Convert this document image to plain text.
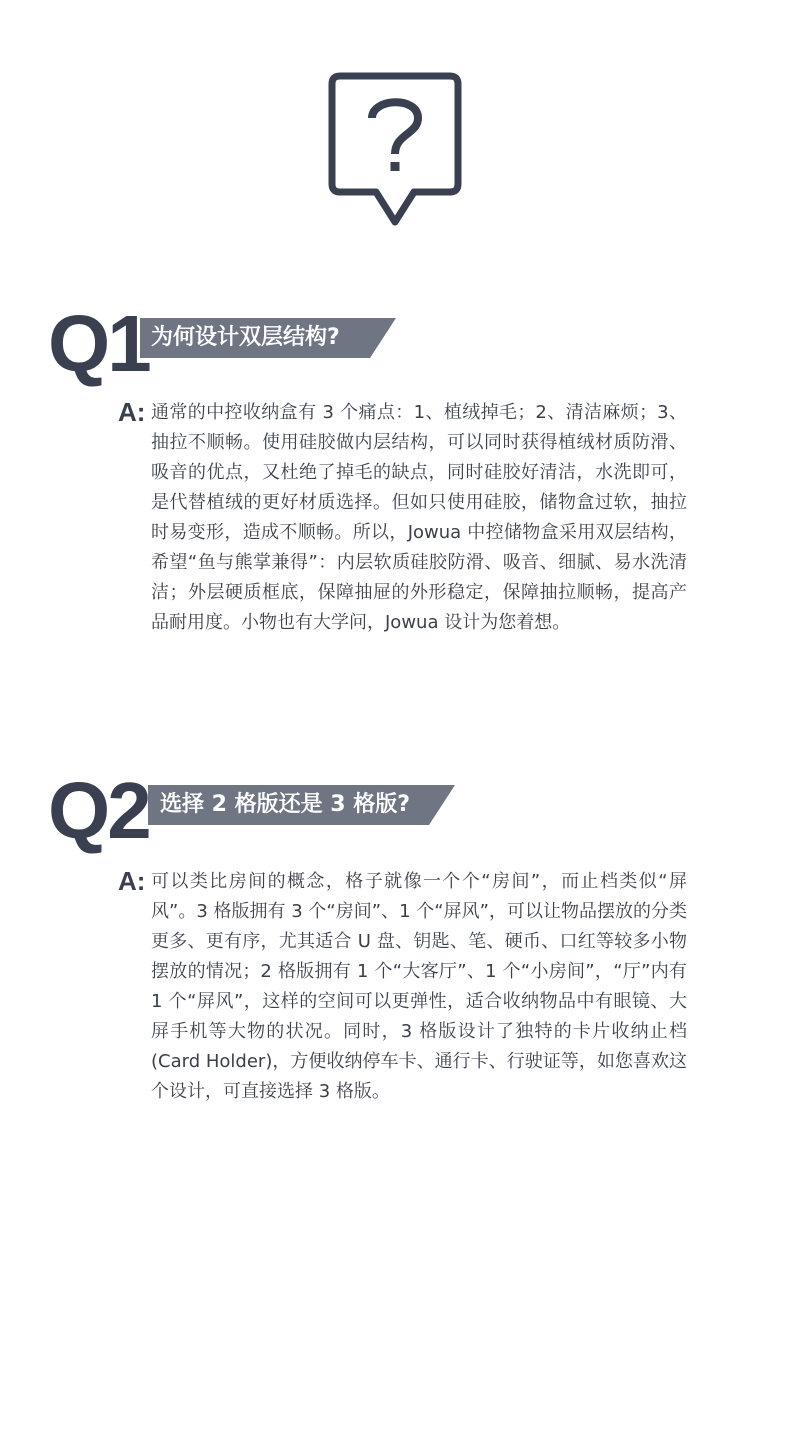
Q1 为何设计双层结构?

A: 通常的中控收纳盒有 3 个痛点：1、植绒掉毛；2、清洁麻烦；3、抽拉不顺畅。使用硅胶做内层结构，可以同时获得植绒材质防滑、吸音的优点，又杜绝了掉毛的缺点，同时硅胶好清洁，水洗即可，是代替植绒的更好材质选择。但如只使用硅胶，储物盒过软，抽拉时易变形，造成不顺畅。所以，Jowua 中控储物盒采用双层结构，希望“鱼与熊掌兼得”：内层软质硅胶防滑、吸音、细腻、易水洗清洁；外层硬质框底，保障抽屉的外形稳定，保障抽拉顺畅，提高产品耐用度。小物也有大学问，Jowua 设计为您着想。

Q2 选择 2 格版还是 3 格版?

A: 可以类比房间的概念，格子就像一个个“房间”，而止档类似“屏风”。3 格版拥有 3 个“房间”、1 个“屏风”，可以让物品摆放的分类更多、更有序，尤其适合 U 盘、钥匙、笔、硬币、口红等较多小物摆放的情况；2 格版拥有 1 个“大客厅”、1 个“小房间”，“厅”内有 1 个“屏风”，这样的空间可以更弹性，适合收纳物品中有眼镜、大屏手机等大物的状况。同时，3 格版设计了独特的卡片收纳止档 (Card Holder)，方便收纳停车卡、通行卡、行驶证等，如您喜欢这个设计，可直接选择 3 格版。
